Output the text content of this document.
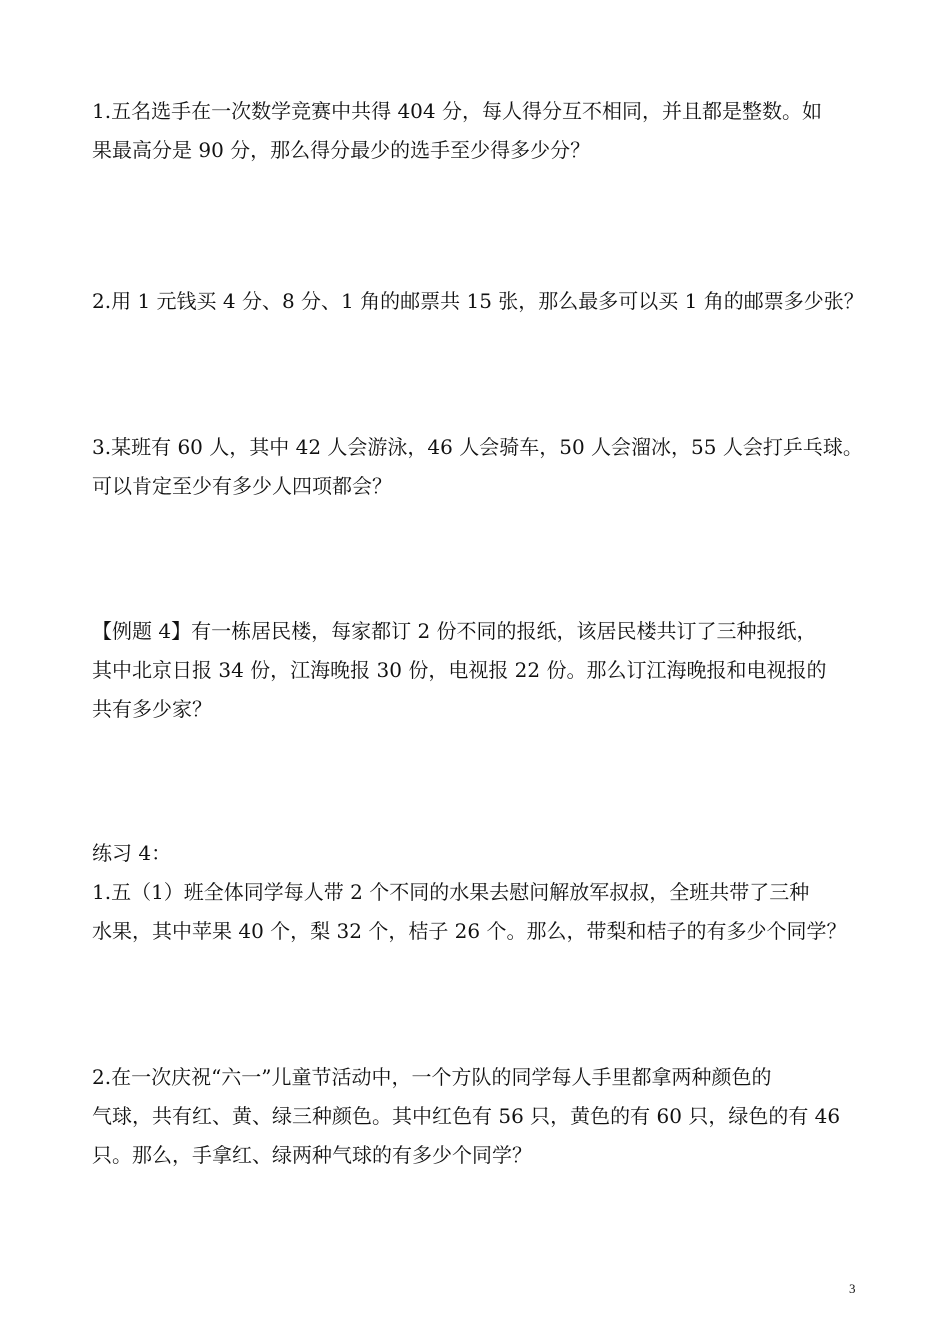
1.五名选手在一次数学竞赛中共得 404 分，每人得分互不相同，并且都是整数。如
果最高分是 90 分，那么得分最少的选手至少得多少分？
2.用 1 元钱买 4 分、8 分、1 角的邮票共 15 张，那么最多可以买 1 角的邮票多少张？
3.某班有 60 人，其中 42 人会游泳，46 人会骑车，50 人会溜冰，55 人会打乒乓球。
可以肯定至少有多少人四项都会？
【例题 4】有一栋居民楼，每家都订 2 份不同的报纸，该居民楼共订了三种报纸，
其中北京日报 34 份，江海晚报 30 份，电视报 22 份。那么订江海晚报和电视报的
共有多少家？
练习 4：
1.五（1）班全体同学每人带 2 个不同的水果去慰问解放军叔叔，全班共带了三种
水果，其中苹果 40 个，梨 32 个，桔子 26 个。那么，带梨和桔子的有多少个同学？
2.在一次庆祝“六一”儿童节活动中，一个方队的同学每人手里都拿两种颜色的
气球，共有红、黄、绿三种颜色。其中红色有 56 只，黄色的有 60 只，绿色的有 46
只。那么，手拿红、绿两种气球的有多少个同学？
3
